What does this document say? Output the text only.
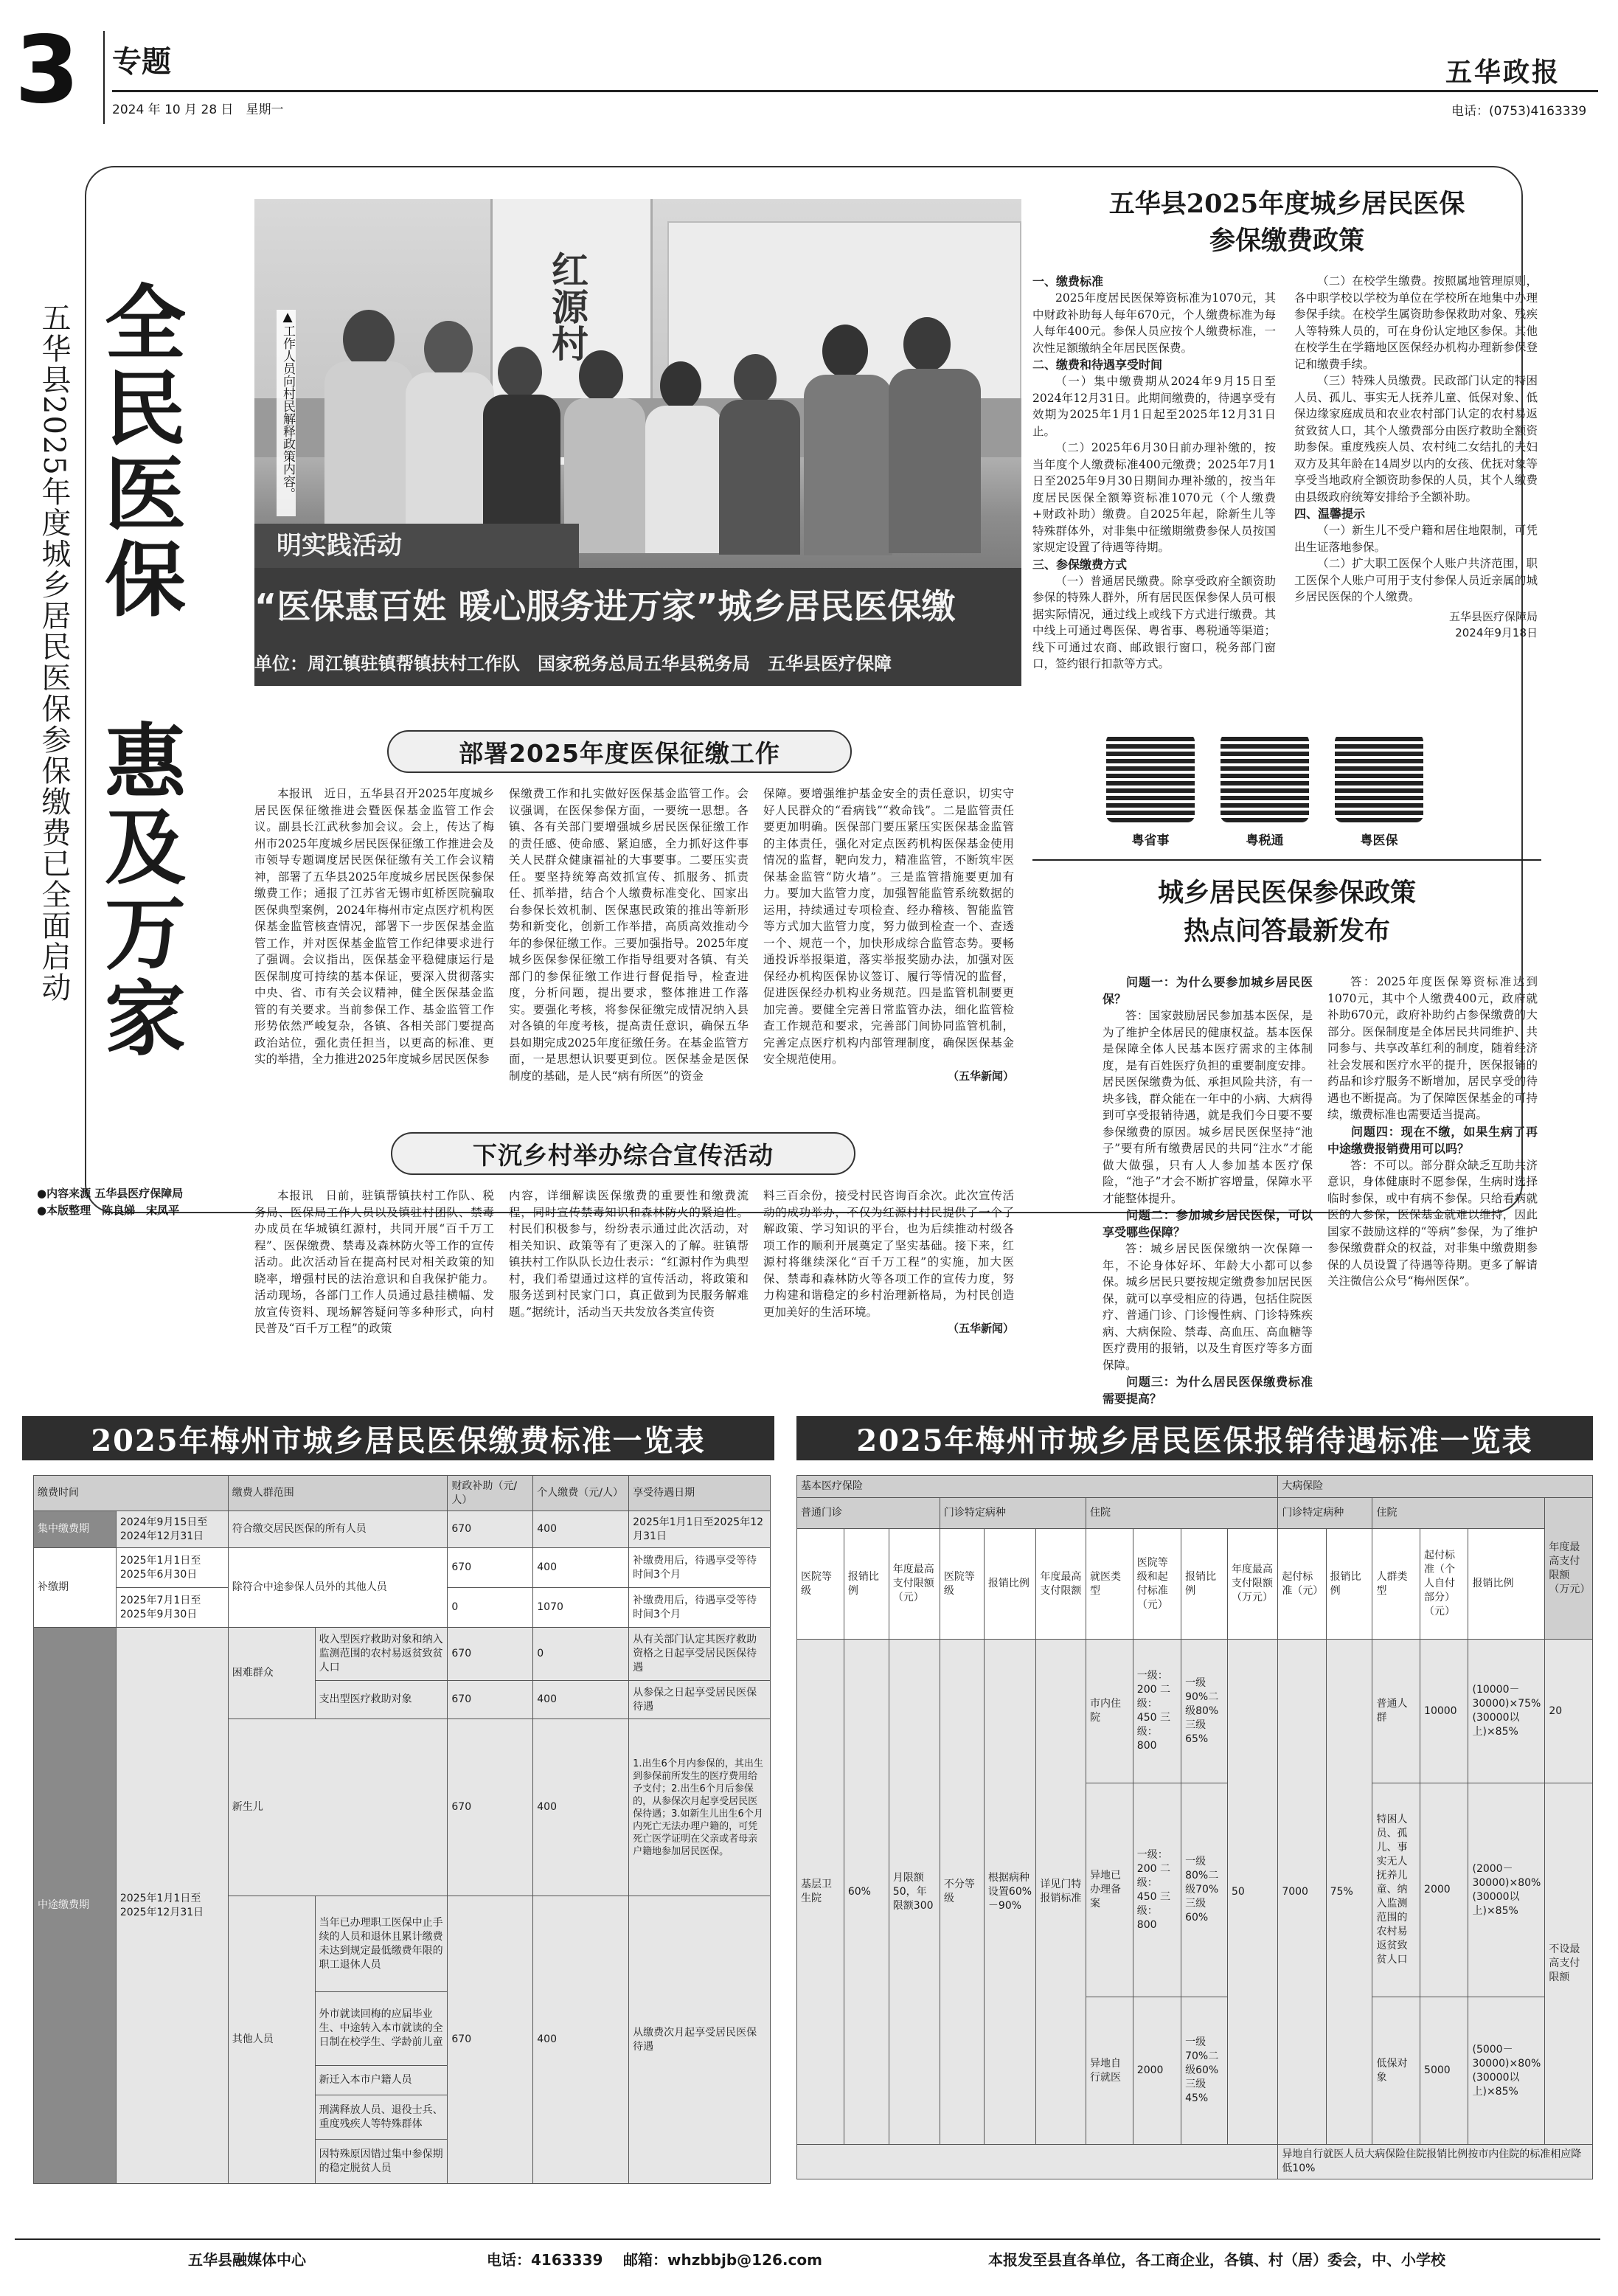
3	专题
2024 年 10 月 28 日　星期一
五华政报
电话：(0753)4163339
全民医保
惠及万家
五华县2025年度城乡居民医保参保缴费已全面启动	红源村
明实践活动
“医保惠百姓 暖心服务进万家”城乡居民医保缴
单位：周江镇驻镇帮镇扶村工作队　国家税务总局五华县税务局　五华县医疗保障
▲工作人员向村民解释政策内容。
●内容来源 五华县医疗保障局
●本版整理　陈良娣　宋凤平
五华县2025年度城乡居民医保
参保缴费政策
一、缴费标准

2025年度居民医保筹资标准为1070元，其中财政补助每人每年670元，个人缴费标准为每人每年400元。参保人员应按个人缴费标准，一次性足额缴纳全年居民医保费。

二、缴费和待遇享受时间

（一）集中缴费期从2024年9月15日至2024年12月31日。此期间缴费的，待遇享受有效期为2025年1月1日起至2025年12月31日止。

（二）2025年6月30日前办理补缴的，按当年度个人缴费标准400元缴费；2025年7月1日至2025年9月30日期间办理补缴的，按当年度居民医保全额筹资标准1070元（个人缴费+财政补助）缴费。自2025年起，除新生儿等特殊群体外，对非集中征缴期缴费参保人员按国家规定设置了待遇等待期。

三、参保缴费方式

（一）普通居民缴费。除享受政府全额资助参保的特殊人群外，所有居民医保参保人员可根据实际情况，通过线上或线下方式进行缴费。其中线上可通过粤医保、粤省事、粤税通等渠道；线下可通过农商、邮政银行窗口，税务部门窗口，签约银行扣款等方式。

（二）在校学生缴费。按照属地管理原则，各中职学校以学校为单位在学校所在地集中办理参保手续。在校学生属资助参保救助对象、残疾人等特殊人员的，可在身份认定地区参保。其他在校学生在学籍地区医保经办机构办理新参保登记和缴费手续。

（三）特殊人员缴费。民政部门认定的特困人员、孤儿、事实无人抚养儿童、低保对象、低保边缘家庭成员和农业农村部门认定的农村易返贫致贫人口，其个人缴费部分由医疗救助全额资助参保。重度残疾人员、农村纯二女结扎的夫妇双方及其年龄在14周岁以内的女孩、优抚对象等享受当地政府全额资助参保的人员，其个人缴费由县级政府统筹安排给予全额补助。

四、温馨提示

（一）新生儿不受户籍和居住地限制，可凭出生证落地参保。

（二）扩大职工医保个人账户共济范围，职工医保个人账户可用于支付参保人员近亲属的城乡居民医保的个人缴费。

五华县医疗保障局
2024年9月18日
粤省事	粤税通	粤医保
城乡居民医保参保政策
热点问答最新发布
问题一：为什么要参加城乡居民医保？

答：国家鼓励居民参加基本医保，是为了维护全体居民的健康权益。基本医保是保障全体人民基本医疗需求的主体制度，是有百姓医疗负担的重要制度安排。居民医保缴费为低、承担风险共济，有一块多钱，群众能在一年中的小病、大病得到可享受报销待遇，就是我们今日要不要参保缴费的原因。城乡居民医保坚持“池子”要有所有缴费居民的共同“注水”才能做大做强，只有人人参加基本医疗保险，“池子”才会不断扩容增量，保障水平才能整体提升。

问题二：参加城乡居民医保，可以享受哪些保障？

答：城乡居民医保缴纳一次保障一年，不论身体好坏、年龄大小都可以参保。城乡居民只要按规定缴费参加居民医保，就可以享受相应的待遇，包括住院医疗、普通门诊、门诊慢性病、门诊特殊疾病、大病保险、禁毒、高血压、高血糖等医疗费用的报销，以及生育医疗等多方面保障。

问题三：为什么居民医保缴费标准需要提高？

答：2025年度医保筹资标准达到1070元，其中个人缴费400元，政府就补助670元，政府补助约占参保缴费的大部分。医保制度是全体居民共同维护、共同参与、共享改革红利的制度，随着经济社会发展和医疗水平的提升，医保报销的药品和诊疗服务不断增加，居民享受的待遇也不断提高。为了保障医保基金的可持续，缴费标准也需要适当提高。

问题四：现在不缴，如果生病了再中途缴费报销费用可以吗？

答：不可以。部分群众缺乏互助共济意识，身体健康时不愿参保，生病时选择临时参保，或中有病不参保。只给看病就医的人参保，医保基金就难以维持，因此国家不鼓励这样的“等病”参保，为了维护参保缴费群众的权益，对非集中缴费期参保的人员设置了待遇等待期。更多了解请关注微信公众号“梅州医保”。

部署2025年度医保征缴工作

本报讯　近日，五华县召开2025年度城乡居民医保征缴推进会暨医保基金监管工作会议。副县长江武秋参加会议。会上，传达了梅州市2025年度城乡居民医保征缴工作推进会及市领导专题调度居民医保征缴有关工作会议精神，部署了五华县2025年度城乡居民医保参保缴费工作；通报了江苏省无锡市虹桥医院骗取医保典型案例，2024年梅州市定点医疗机构医保基金监管核查情况，部署下一步医保基金监管工作，并对医保基金监管工作纪律要求进行了强调。会议指出，医保基金平稳健康运行是医保制度可持续的基本保证，要深入贯彻落实中央、省、市有关会议精神，健全医保基金监管的有关要求。当前参保工作、基金监管工作形势依然严峻复杂，各镇、各相关部门要提高政治站位，强化责任担当，以更高的标准、更实的举措，全力推进2025年度城乡居民医保参

保缴费工作和扎实做好医保基金监管工作。会议强调，在医保参保方面，一要统一思想。各镇、各有关部门要增强城乡居民医保征缴工作的责任感、使命感、紧迫感，全力抓好这件事关人民群众健康福祉的大事要事。二要压实责任。要坚持统筹高效抓宣传、抓服务、抓责任、抓举措，结合个人缴费标准变化、国家出台参保长效机制、医保惠民政策的推出等新形势和新变化，创新工作举措，高质高效推动今年的参保征缴工作。三要加强指导。2025年度城乡医保参保征缴工作指导组要对各镇、有关部门的参保征缴工作进行督促指导，检查进度，分析问题，提出要求，整体推进工作落实。要强化考核，将参保征缴完成情况纳入县对各镇的年度考核，提高责任意识，确保五华县如期完成2025年度征缴任务。在基金监管方面，一是思想认识要更到位。医保基金是医保制度的基础，是人民“病有所医”的资金

保障。要增强维护基金安全的责任意识，切实守好人民群众的“看病钱”“救命钱”。二是监管责任要更加明确。医保部门要压紧压实医保基金监管的主体责任，强化对定点医药机构医保基金使用情况的监督，靶向发力，精准监管，不断筑牢医保基金监管“防火墙”。三是监管措施要更加有力。要加大监管力度，加强智能监管系统数据的运用，持续通过专项检查、经办稽核、智能监管等方式加大监管力度，努力做到检查一个、查透一个、规范一个，加快形成综合监管态势。要畅通投诉举报渠道，落实举报奖励办法，加强对医保经办机构医保协议签订、履行等情况的监督，促进医保经办机构业务规范。四是监管机制要更加完善。要健全完善日常监管办法，细化监管检查工作规范和要求，完善部门间协同监管机制，完善定点医疗机构内部管理制度，确保医保基金安全规范使用。

（五华新闻）
下沉乡村举办综合宣传活动

本报讯　日前，驻镇帮镇扶村工作队、税务局、医保局工作人员以及镇驻村团队、禁毒办成员在华城镇红源村，共同开展“百千万工程”、医保缴费、禁毒及森林防火等工作的宣传活动。此次活动旨在提高村民对相关政策的知晓率，增强村民的法治意识和自我保护能力。活动现场，各部门工作人员通过悬挂横幅、发放宣传资料、现场解答疑问等多种形式，向村民普及“百千万工程”的政策

内容，详细解读医保缴费的重要性和缴费流程，同时宣传禁毒知识和森林防火的紧迫性。村民们积极参与，纷纷表示通过此次活动，对相关知识、政策等有了更深入的了解。驻镇帮镇扶村工作队队长边仕表示：“红源村作为典型村，我们希望通过这样的宣传活动，将政策和服务送到村民家门口，真正做到为民服务解难题。”据统计，活动当天共发放各类宣传资

料三百余份，接受村民咨询百余次。此次宣传活动的成功举办，不仅为红源村村民提供了一个了解政策、学习知识的平台，也为后续推动村级各项工作的顺利开展奠定了坚实基础。接下来，红源村将继续深化“百千万工程”的实施，加大医保、禁毒和森林防火等各项工作的宣传力度，努力构建和谐稳定的乡村治理新格局，为村民创造更加美好的生活环境。

（五华新闻）
2025年梅州市城乡居民医保缴费标准一览表
缴费时间		缴费人群范围		财政补助（元/人）	个人缴费（元/人）	享受待遇日期
集中缴费期	2024年9月15日至2024年12月31日	符合缴交居民医保的所有人员		670	400	2025年1月1日至2025年12月31日
补缴期	2025年1月1日至2025年6月30日	除符合中途参保人员外的其他人员		670	400	补缴费用后，待遇享受等待时间3个月
	2025年7月1日至2025年9月30日			0	1070	补缴费用后，待遇享受等待时间3个月
中途缴费期	2025年1月1日至2025年12月31日	困难群众	收入型医疗救助对象和纳入监测范围的农村易返贫致贫人口	670	0	从有关部门认定其医疗救助资格之日起享受居民医保待遇
			支出型医疗救助对象	670	400	从参保之日起享受居民医保待遇
		新生儿		670	400	1.出生6个月内参保的，其出生到参保前所发生的医疗费用给予支付；2.出生6个月后参保的，从参保次月起享受居民医保待遇；3.如新生儿出生6个月内死亡无法办理户籍的，可凭死亡医学证明在父亲或者母亲户籍地参加居民医保。
		其他人员	当年已办理职工医保中止手续的人员和退休且累计缴费未达到规定最低缴费年限的职工退休人员	670	400	从缴费次月起享受居民医保待遇
			外市就读回梅的应届毕业生、中途转入本市就读的全日制在校学生、学龄前儿童			
			新迁入本市户籍人员			
			刑满释放人员、退役士兵、重度残疾人等特殊群体			
			因特殊原因错过集中参保期的稳定脱贫人员			
2025年梅州市城乡居民医保报销待遇标准一览表
基本医疗保险										大病保险					
普通门诊			门诊特定病种			住院				门诊特定病种		住院			年度最高支付限额（万元）
医院等级	报销比例	年度最高支付限额（元）	医院等级	报销比例	年度最高支付限额	就医类型	医院等级和起付标准（元）	报销比例	年度最高支付限额（万元）	起付标准（元）	报销比例	人群类型	起付标准（个人自付部分）（元）	报销比例	
基层卫生院	60%	月限额50，年限额300	不分等级	根据病种设置60%－90%	详见门特报销标准	市内住院	一级：200 二级：450 三级：800	一级90%二级80%三级65%	50	7000	75%	普通人群	10000	(10000－30000)×75%(30000以上)×85%	20
						异地已办理备案	一级：200 二级：450 三级：800	一级80%二级70%三级60%				特困人员、孤儿、事实无人抚养儿童、纳入监测范围的农村易返贫致贫人口	2000	(2000－30000)×80%(30000以上)×85%	不设最高支付限额
						异地自行就医	2000	一级70%二级60%三级45%				低保对象	5000	(5000－30000)×80%(30000以上)×85%	
										异地自行就医人员大病保险住院报销比例按市内住院的标准相应降低10%					
五华县融媒体中心	电话：4163339 邮箱：whzbbjb@126.com	本报发至县直各单位，各工商企业，各镇、村（居）委会，中、小学校
